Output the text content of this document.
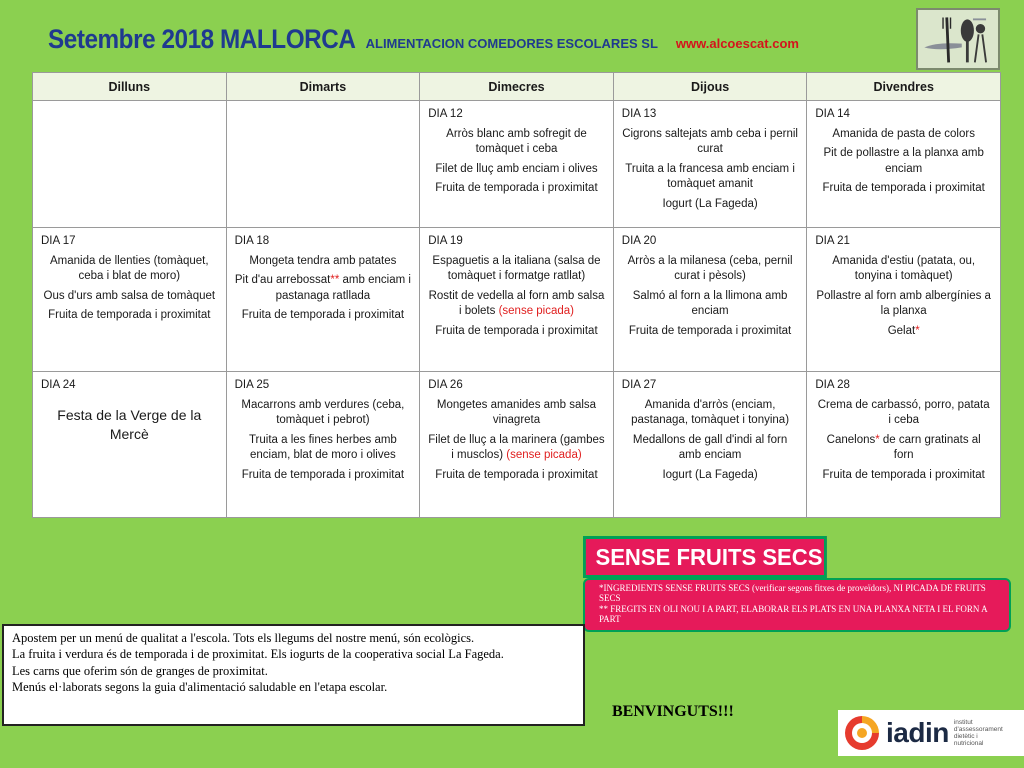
Setembre 2018 MALLORCA ALIMENTACION COMEDORES ESCOLARES SL www.alcoescat.com
Dilluns	Dimarts	Dimecres	Dijous	Divendres

		DIA 12
Arròs blanc amb sofregit de tomàquet i ceba
Filet de lluç amb enciam i olives
Fruita de temporada i proximitat	DIA 13
Cigrons saltejats amb ceba i pernil curat
Truita a la francesa amb enciam i tomàquet amanit
Iogurt (La Fageda)	DIA 14
Amanida de pasta de colors
Pit de pollastre a la planxa amb enciam
Fruita de temporada i proximitat

DIA 17
Amanida de llenties (tomàquet, ceba i blat de moro)
Ous d'urs amb salsa de tomàquet
Fruita de temporada i proximitat	DIA 18
Mongeta tendra amb patates
Pit d'au arrebossat** amb enciam i pastanaga ratllada
Fruita de temporada i proximitat	DIA 19
Espaguetis a la italiana (salsa de tomàquet i formatge ratllat)
Rostit de vedella al forn amb salsa i bolets (sense picada)
Fruita de temporada i proximitat	DIA 20
Arròs a la milanesa (ceba, pernil curat i pèsols)
Salmó al forn a la llimona amb enciam
Fruita de temporada i proximitat	DIA 21
Amanida d'estiu (patata, ou, tonyina i tomàquet)
Pollastre al forn amb albergínies a la planxa
Gelat*

DIA 24
Festa de la Verge de la Mercè	DIA 25
Macarrons amb verdures (ceba, tomàquet i pebrot)
Truita a les fines herbes amb enciam, blat de moro i olives
Fruita de temporada i proximitat	DIA 26
Mongetes amanides amb salsa vinagreta
Filet de lluç a la marinera (gambes i musclos) (sense picada)
Fruita de temporada i proximitat	DIA 27
Amanida d'arròs (enciam, pastanaga, tomàquet i tonyina)
Medallons de gall d'indi al forn amb enciam
Iogurt (La Fageda)	DIA 28
Crema de carbassó, porro, patata i ceba
Canelons* de carn gratinats al forn
Fruita de temporada i proximitat
SENSE FRUITS SECS
*INGREDIENTS SENSE FRUITS SECS (verificar segons fitxes de proveïdors), NI PICADA DE FRUITS SECS
** FREGITS EN OLI NOU I A PART, ELABORAR ELS PLATS EN UNA PLANXA NETA I EL FORN A PART
Apostem per un menú de qualitat a l'escola. Tots els llegums del nostre menú, són ecològics.
La fruita i verdura és de temporada i de proximitat. Els iogurts de la cooperativa social La Fageda.
Les carns que oferim són de granges de proximitat.
Menús el·laborats segons la guia d'alimentació saludable en l'etapa escolar.
BENVINGUTS!!!
iadin institut d'assessorament dietètic i nutricional
